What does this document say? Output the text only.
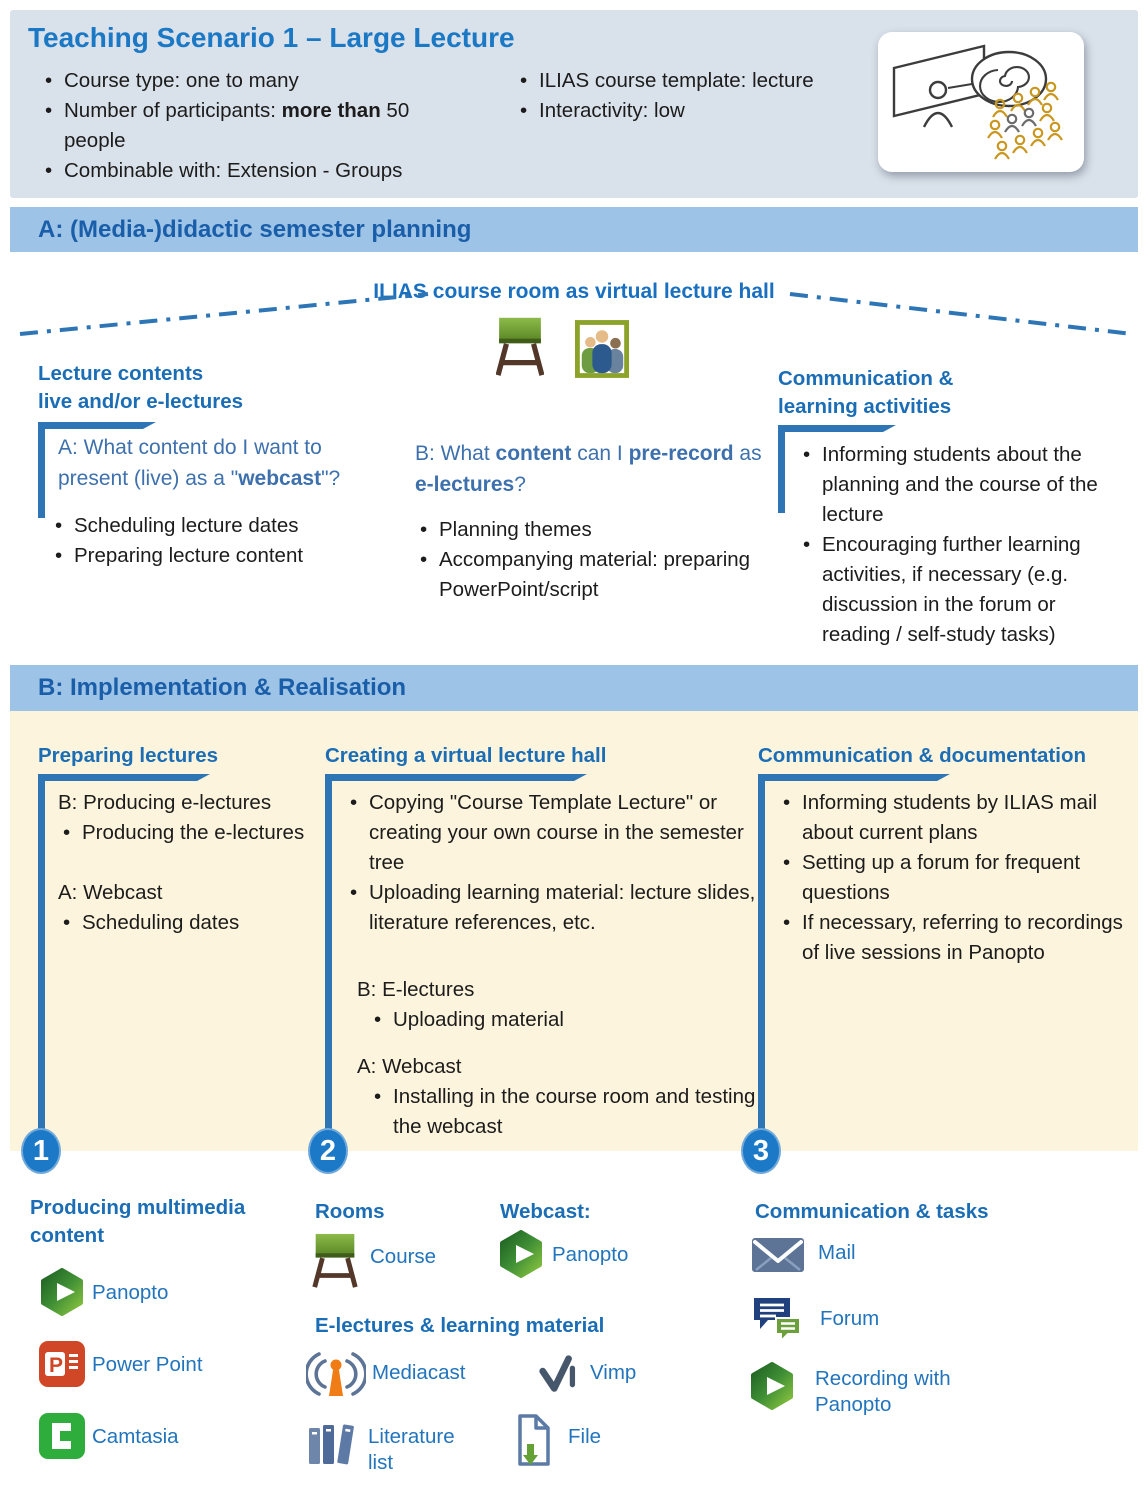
Teaching Scenario 1 – Large Lecture
• Course type: one to many
• Number of participants: more than 50 people
• Combinable with: Extension - Groups
• ILIAS course template: lecture
• Interactivity: low
A: (Media-)didactic semester planning
ILIAS course room as virtual lecture hall
Lecture contents
live and/or e-lectures
A: What content do I want to present (live) as a "webcast"?
• Scheduling lecture dates
• Preparing lecture content
B: What content can I pre-record as e-lectures?
• Planning themes
• Accompanying material: preparing PowerPoint/script
Communication &
learning activities
• Informing students about the planning and the course of the lecture
• Encouraging further learning activities, if necessary (e.g. discussion in the forum or reading / self-study tasks)
B: Implementation & Realisation
Preparing lectures
B: Producing e-lectures
• Producing the e-lectures
A: Webcast
• Scheduling dates
1
Creating a virtual lecture hall
• Copying "Course Template Lecture" or creating your own course in the semester tree
• Uploading learning material: lecture slides, literature references, etc.
B: E-lectures
• Uploading material
A: Webcast
• Installing in the course room and testing the webcast
2
Communication & documentation
• Informing students by ILIAS mail about current plans
• Setting up a forum for frequent questions
• If necessary, referring to recordings of live sessions in Panopto
3
Producing multimedia content
Panopto
P Power Point
Camtasia
Rooms
Course
Webcast:
Panopto
E-lectures & learning material
Mediacast	Vimp
Literature list
File
Communication & tasks
Mail
Forum
Recording with Panopto
